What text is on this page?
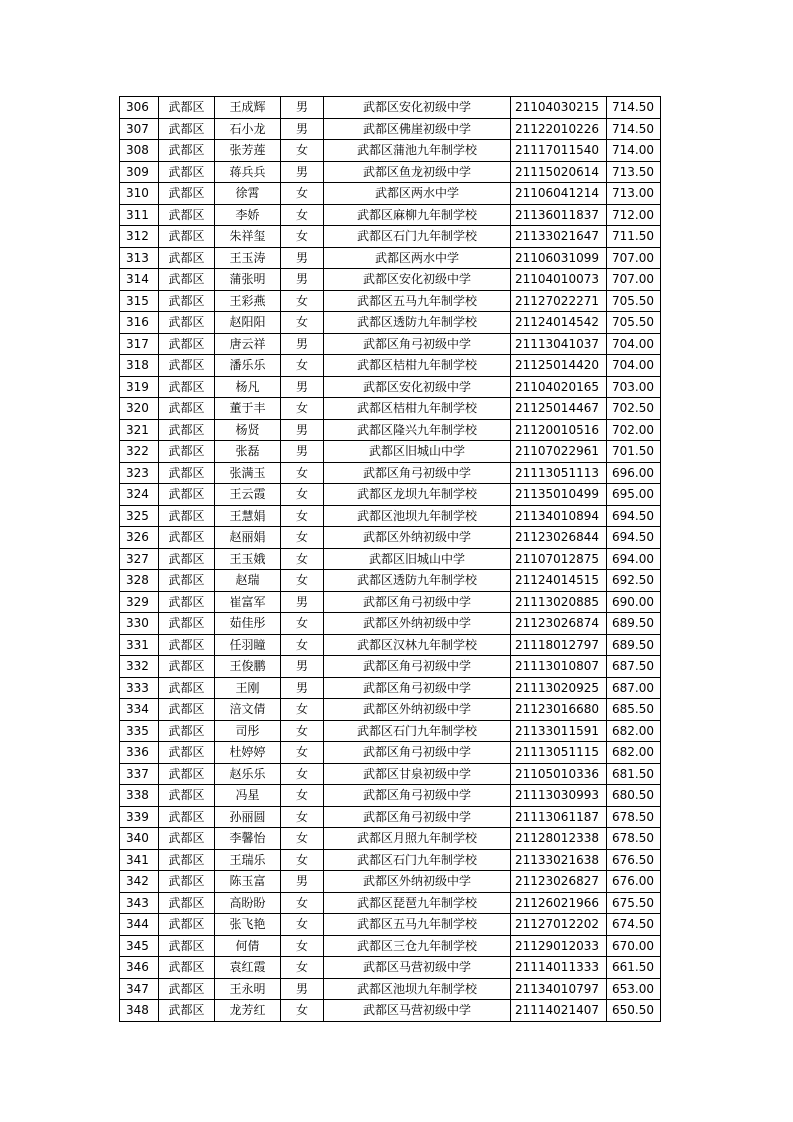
306	武都区	王成辉	男	武都区安化初级中学	21104030215	714.50
307	武都区	石小龙	男	武都区佛崖初级中学	21122010226	714.50
308	武都区	张芳莲	女	武都区蒲池九年制学校	21117011540	714.00
309	武都区	蒋兵兵	男	武都区鱼龙初级中学	21115020614	713.50
310	武都区	徐霄	女	武都区两水中学	21106041214	713.00
311	武都区	李娇	女	武都区麻柳九年制学校	21136011837	712.00
312	武都区	朱祥玺	女	武都区石门九年制学校	21133021647	711.50
313	武都区	王玉涛	男	武都区两水中学	21106031099	707.00
314	武都区	蒲张明	男	武都区安化初级中学	21104010073	707.00
315	武都区	王彩燕	女	武都区五马九年制学校	21127022271	705.50
316	武都区	赵阳阳	女	武都区透防九年制学校	21124014542	705.50
317	武都区	唐云祥	男	武都区角弓初级中学	21113041037	704.00
318	武都区	潘乐乐	女	武都区桔柑九年制学校	21125014420	704.00
319	武都区	杨凡	男	武都区安化初级中学	21104020165	703.00
320	武都区	董于丰	女	武都区桔柑九年制学校	21125014467	702.50
321	武都区	杨贤	男	武都区隆兴九年制学校	21120010516	702.00
322	武都区	张磊	男	武都区旧城山中学	21107022961	701.50
323	武都区	张满玉	女	武都区角弓初级中学	21113051113	696.00
324	武都区	王云霞	女	武都区龙坝九年制学校	21135010499	695.00
325	武都区	王慧娟	女	武都区池坝九年制学校	21134010894	694.50
326	武都区	赵丽娟	女	武都区外纳初级中学	21123026844	694.50
327	武都区	王玉娥	女	武都区旧城山中学	21107012875	694.00
328	武都区	赵瑞	女	武都区透防九年制学校	21124014515	692.50
329	武都区	崔富军	男	武都区角弓初级中学	21113020885	690.00
330	武都区	茹佳彤	女	武都区外纳初级中学	21123026874	689.50
331	武都区	任羽瞳	女	武都区汉林九年制学校	21118012797	689.50
332	武都区	王俊鹏	男	武都区角弓初级中学	21113010807	687.50
333	武都区	王刚	男	武都区角弓初级中学	21113020925	687.00
334	武都区	涪文倩	女	武都区外纳初级中学	21123016680	685.50
335	武都区	司彤	女	武都区石门九年制学校	21133011591	682.00
336	武都区	杜婷婷	女	武都区角弓初级中学	21113051115	682.00
337	武都区	赵乐乐	女	武都区甘泉初级中学	21105010336	681.50
338	武都区	冯星	女	武都区角弓初级中学	21113030993	680.50
339	武都区	孙丽圆	女	武都区角弓初级中学	21113061187	678.50
340	武都区	李馨怡	女	武都区月照九年制学校	21128012338	678.50
341	武都区	王瑞乐	女	武都区石门九年制学校	21133021638	676.50
342	武都区	陈玉富	男	武都区外纳初级中学	21123026827	676.00
343	武都区	高盼盼	女	武都区琵琶九年制学校	21126021966	675.50
344	武都区	张飞艳	女	武都区五马九年制学校	21127012202	674.50
345	武都区	何倩	女	武都区三仓九年制学校	21129012033	670.00
346	武都区	袁红霞	女	武都区马营初级中学	21114011333	661.50
347	武都区	王永明	男	武都区池坝九年制学校	21134010797	653.00
348	武都区	龙芳红	女	武都区马营初级中学	21114021407	650.50
